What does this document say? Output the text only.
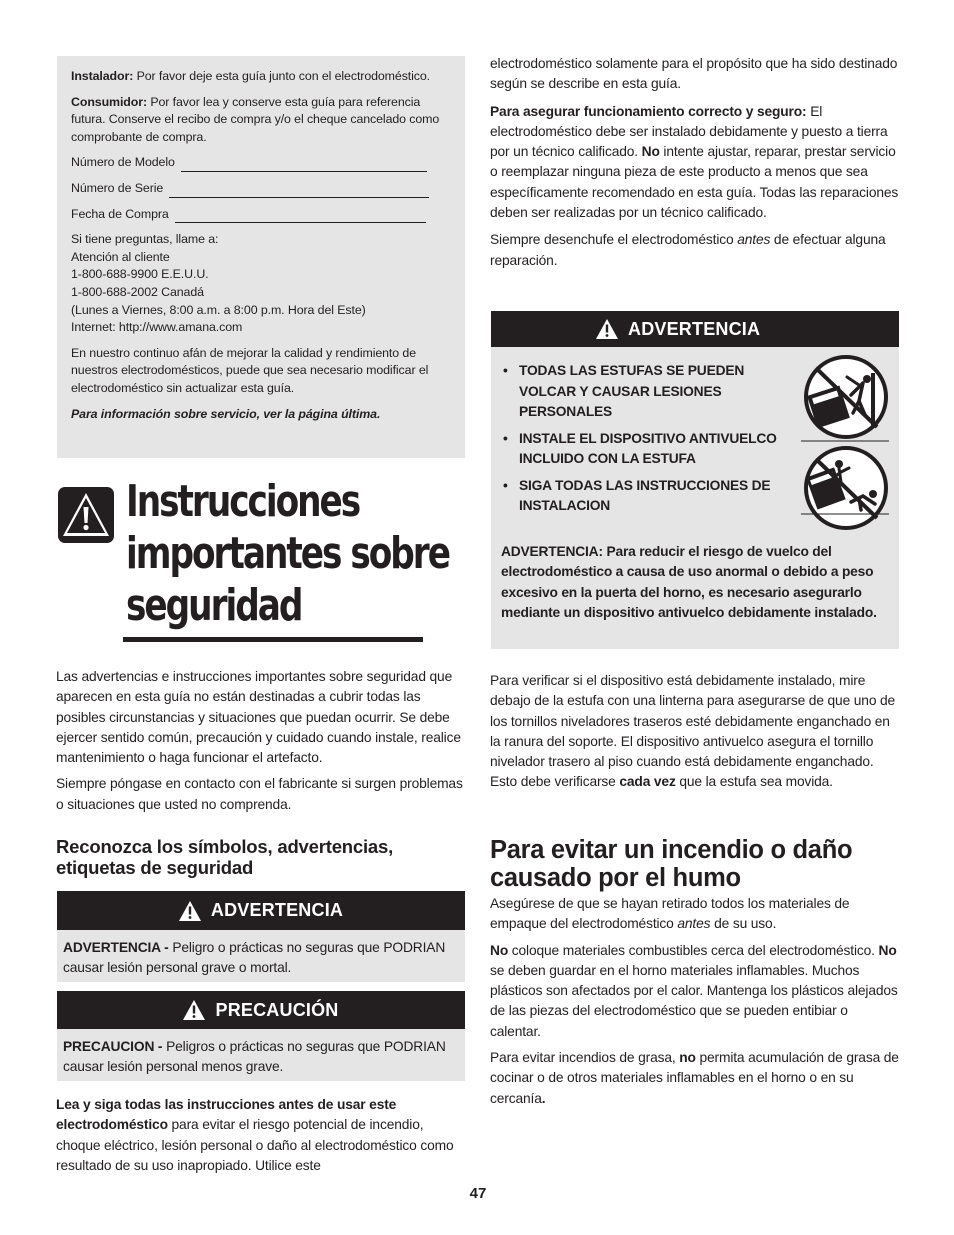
Instalador: Por favor deje esta guía junto con el electrodoméstico.

Consumidor: Por favor lea y conserve esta guía para referencia futura. Conserve el recibo de compra y/o el cheque cancelado como comprobante de compra.

Número de Modelo
Número de Serie
Fecha de Compra

Si tiene preguntas, llame a:
Atención al cliente
1-800-688-9900 E.E.U.U.
1-800-688-2002 Canadá
(Lunes a Viernes, 8:00 a.m. a 8:00 p.m. Hora del Este)
Internet: http://www.amana.com

En nuestro continuo afán de mejorar la calidad y rendimiento de nuestros electrodomésticos, puede que sea necesario modificar el electrodoméstico sin actualizar esta guía.

Para información sobre servicio, ver la página última.

Instrucciones
importantes sobre
seguridad

Las advertencias e instrucciones importantes sobre seguridad que aparecen en esta guía no están destinadas a cubrir todas las posibles circunstancias y situaciones que puedan ocurrir. Se debe ejercer sentido común, precaución y cuidado cuando instale, realice mantenimiento o haga funcionar el artefacto.

Siempre póngase en contacto con el fabricante si surgen problemas o situaciones que usted no comprenda.

Reconozca los símbolos, advertencias, etiquetas de seguridad
ADVERTENCIA
ADVERTENCIA - Peligro o prácticas no seguras que PODRIAN causar lesión personal grave o mortal.
PRECAUCIÓN
PRECAUCION - Peligros o prácticas no seguras que PODRIAN causar lesión personal menos grave.

Lea y siga todas las instrucciones antes de usar este electrodoméstico para evitar el riesgo potencial de incendio, choque eléctrico, lesión personal o daño al electrodoméstico como resultado de su uso inapropiado. Utilice este

electrodoméstico solamente para el propósito que ha sido destinado según se describe en esta guía.

Para asegurar funcionamiento correcto y seguro: El electrodoméstico debe ser instalado debidamente y puesto a tierra por un técnico calificado. No intente ajustar, reparar, prestar servicio o reemplazar ninguna pieza de este producto a menos que sea específicamente recomendado en esta guía. Todas las reparaciones deben ser realizadas por un técnico calificado.

Siempre desenchufe el electrodoméstico antes de efectuar alguna reparación.

ADVERTENCIA
• TODAS LAS ESTUFAS SE PUEDEN VOLCAR Y CAUSAR LESIONES PERSONALES
• INSTALE EL DISPOSITIVO ANTIVUELCO INCLUIDO CON LA ESTUFA
• SIGA TODAS LAS INSTRUCCIONES DE INSTALACION
ADVERTENCIA: Para reducir el riesgo de vuelco del electrodoméstico a causa de uso anormal o debido a peso excesivo en la puerta del horno, es necesario asegurarlo mediante un dispositivo antivuelco debidamente instalado.

Para verificar si el dispositivo está debidamente instalado, mire debajo de la estufa con una linterna para asegurarse de que uno de los tornillos niveladores traseros esté debidamente enganchado en la ranura del soporte. El dispositivo antivuelco asegura el tornillo nivelador trasero al piso cuando está debidamente enganchado. Esto debe verificarse cada vez que la estufa sea movida.

Para evitar un incendio o daño causado por el humo

Asegúrese de que se hayan retirado todos los materiales de empaque del electrodoméstico antes de su uso.

No coloque materiales combustibles cerca del electrodoméstico. No se deben guardar en el horno materiales inflamables. Muchos plásticos son afectados por el calor. Mantenga los plásticos alejados de las piezas del electrodoméstico que se pueden entibiar o calentar.

Para evitar incendios de grasa, no permita acumulación de grasa de cocinar o de otros materiales inflamables en el horno o en su cercanía.

47
